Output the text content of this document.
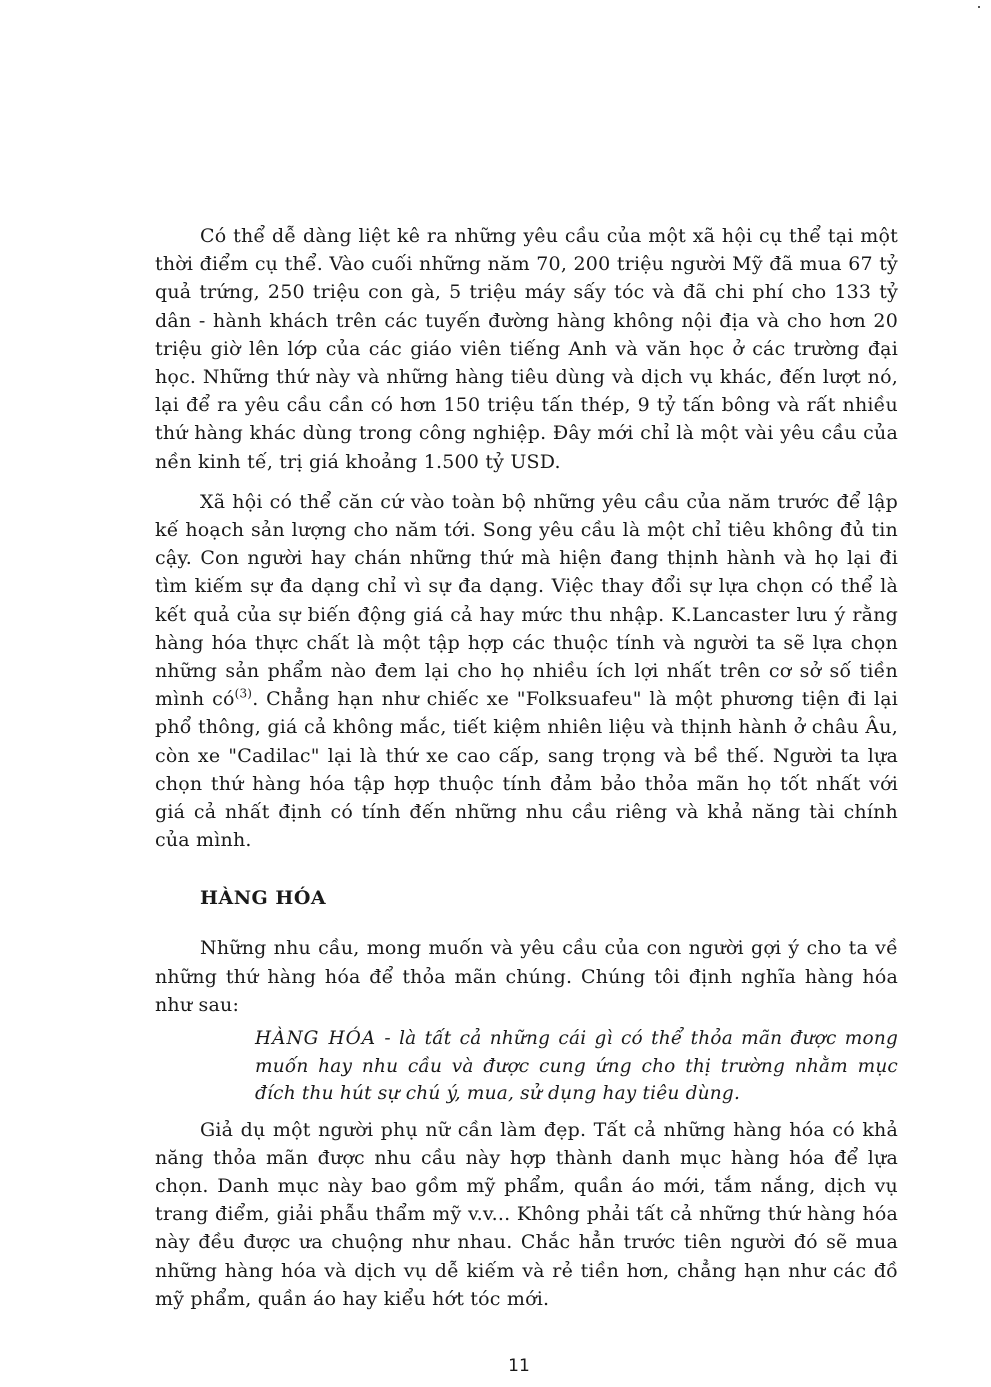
Có thể dễ dàng liệt kê ra những yêu cầu của một xã hội cụ thể tại một thời điểm cụ thể. Vào cuối những năm 70, 200 triệu người Mỹ đã mua 67 tỷ quả trứng, 250 triệu con gà, 5 triệu máy sấy tóc và đã chi phí cho 133 tỷ dân - hành khách trên các tuyến đường hàng không nội địa và cho hơn 20 triệu giờ lên lớp của các giáo viên tiếng Anh và văn học ở các trường đại học. Những thứ này và những hàng tiêu dùng và dịch vụ khác, đến lượt nó, lại để ra yêu cầu cần có hơn 150 triệu tấn thép, 9 tỷ tấn bông và rất nhiều thứ hàng khác dùng trong công nghiệp. Đây mới chỉ là một vài yêu cầu của nền kinh tế, trị giá khoảng 1.500 tỷ USD.

Xã hội có thể căn cứ vào toàn bộ những yêu cầu của năm trước để lập kế hoạch sản lượng cho năm tới. Song yêu cầu là một chỉ tiêu không đủ tin cậy. Con người hay chán những thứ mà hiện đang thịnh hành và họ lại đi tìm kiếm sự đa dạng chỉ vì sự đa dạng. Việc thay đổi sự lựa chọn có thể là kết quả của sự biến động giá cả hay mức thu nhập. K.Lancaster lưu ý rằng hàng hóa thực chất là một tập hợp các thuộc tính và người ta sẽ lựa chọn những sản phẩm nào đem lại cho họ nhiều ích lợi nhất trên cơ sở số tiền mình $có^{(3)}$. Chẳng hạn như chiếc xe "Folksuafeu" là một phương tiện đi lại phổ thông, giá cả không mắc, tiết kiệm nhiên liệu và thịnh hành ở châu Âu, còn xe "Cadilac" lại là thứ xe cao cấp, sang trọng và bề thế. Người ta lựa chọn thứ hàng hóa tập hợp thuộc tính đảm bảo thỏa mãn họ tốt nhất với giá cả nhất định có tính đến những nhu cầu riêng và khả năng tài chính của mình.

HÀNG HÓA

Những nhu cầu, mong muốn và yêu cầu của con người gợi ý cho ta về những thứ hàng hóa để thỏa mãn chúng. Chúng tôi định nghĩa hàng hóa như sau:

HÀNG HÓA - là tất cả những cái gì có thể thỏa mãn được mong muốn hay nhu cầu và được cung ứng cho thị trường nhằm mục đích thu hút sự chú ý, mua, sử dụng hay tiêu dùng.

Giả dụ một người phụ nữ cần làm đẹp. Tất cả những hàng hóa có khả năng thỏa mãn được nhu cầu này hợp thành danh mục hàng hóa để lựa chọn. Danh mục này bao gồm mỹ phẩm, quần áo mới, tắm nắng, dịch vụ trang điểm, giải phẫu thẩm mỹ v.v... Không phải tất cả những thứ hàng hóa này đều được ưa chuộng như nhau. Chắc hẳn trước tiên người đó sẽ mua những hàng hóa và dịch vụ dễ kiếm và rẻ tiền hơn, chẳng hạn như các đồ mỹ phẩm, quần áo hay kiểu hớt tóc mới.

11
